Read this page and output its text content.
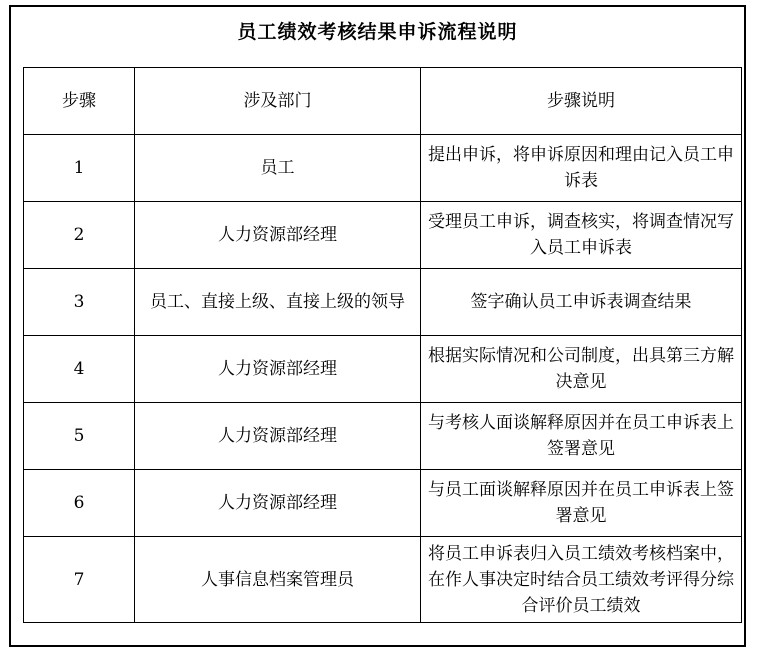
员工绩效考核结果申诉流程说明
步骤	涉及部门	步骤说明
1	员工	提出申诉，将申诉原因和理由记入员工申诉表
2	人力资源部经理	受理员工申诉，调查核实，将调查情况写入员工申诉表
3	员工、直接上级、直接上级的领导	签字确认员工申诉表调查结果
4	人力资源部经理	根据实际情况和公司制度，出具第三方解决意见
5	人力资源部经理	与考核人面谈解释原因并在员工申诉表上签署意见
6	人力资源部经理	与员工面谈解释原因并在员工申诉表上签署意见
7	人事信息档案管理员	将员工申诉表归入员工绩效考核档案中，在作人事决定时结合员工绩效考评得分综合评价员工绩效
